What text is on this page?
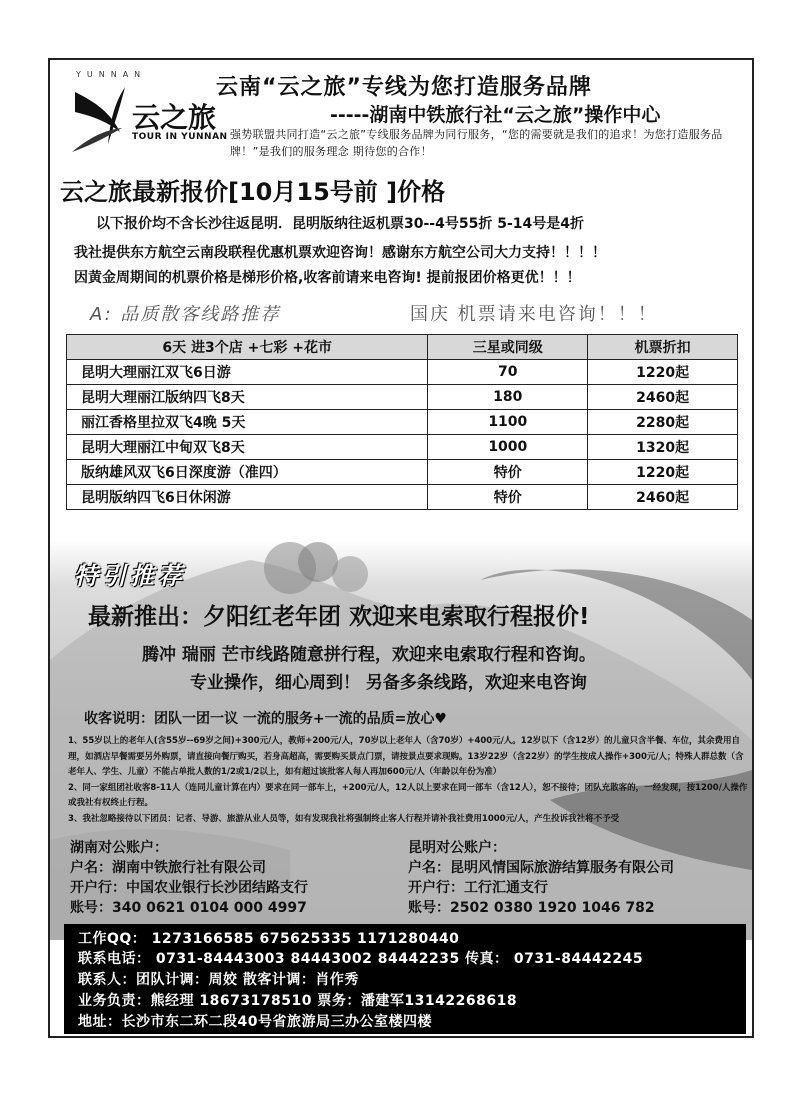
YUNNAN
云之旅
TOUR IN YUNNAN
云南“云之旅”专线为您打造服务品牌
-----湖南中铁旅行社“云之旅”操作中心
强势联盟共同打造“云之旅”专线服务品牌为同行服务，“您的需要就是我们的追求！为您打造服务品牌！”是我们的服务理念 期待您的合作！
云之旅最新报价[10月15号前 ]价格
以下报价均不含长沙往返昆明．昆明版纳往返机票30--4号55折 5-14号是4折
我社提供东方航空云南段联程优惠机票欢迎咨询！感谢东方航空公司大力支持！！！！
因黄金周期间的机票价格是梯形价格,收客前请来电咨询! 提前报团价格更优！！！
A: 品质散客线路推荐	国庆 机票请来电咨询！！！
6天 进3个店 +七彩 +花市	三星或同级	机票折扣
昆明大理丽江双飞6日游	70	1220起
昆明大理丽江版纳四飞8天	180	2460起
丽江香格里拉双飞4晚 5天	1100	2280起
昆明大理丽江中甸双飞8天	1000	1320起
版纳雄风双飞6日深度游（准四）	特价	1220起
昆明版纳四飞6日休闲游	特价	2460起
特引推荐
最新推出：夕阳红老年团 欢迎来电索取行程报价!
腾冲 瑞丽 芒市线路随意拼行程，欢迎来电索取行程和咨询。
专业操作，细心周到！ 另备多条线路，欢迎来电咨询
收客说明：团队一团一议 一流的服务+一流的品质=放心♥

1、55岁以上的老年人(含55岁--69岁之间)+300元/人，教师+200元/人，70岁以上老年人（含70岁）+400元/人。12岁以下（含12岁）的儿童只含半餐、车位，其余费用自理，如酒店早餐需要另外购票，请直接向餐厅购买，若身高超高，需要购买景点门票，请按景点要求现购。13岁22岁（含22岁）的学生按成人操作+300元/人；特殊人群总数（含老年人、学生、儿童）不能占单批人数的1/2或1/2以上，如有超过该批客人每人再加600元/人（年龄以年份为准）

2、同一家组团社收客8-11人（连同儿童计算在内）要求在同一部车上，+200元/人，12人以上要求在同一部车（含12人），恕不接待；团队充散客的，一经发现，按1200/人操作或我社有权终止行程。

3、我社忽略接待以下团员：记者、导游、旅游从业人员等，如有发现我社将强制终止客人行程并请补我社费用1000元/人，产生投诉我社将不予受

湖南对公账户：
户名：湖南中铁旅行社有限公司
开户行：中国农业银行长沙团结路支行
账号：340 0621 0104 000 4997
昆明对公账户：
户名：昆明风情国际旅游结算服务有限公司
开户行：工行汇通支行
账号：2502 0380 1920 1046 782
工作QQ： 1273166585 675625335 1171280440
联系电话： 0731-84443003 84443002 84442235 传真： 0731-84442245
联系人：团队计调：周姣 散客计调：肖作秀
业务负责：熊经理 18673178510 票务：潘建军13142268618
地址：长沙市东二环二段40号省旅游局三办公室楼四楼
